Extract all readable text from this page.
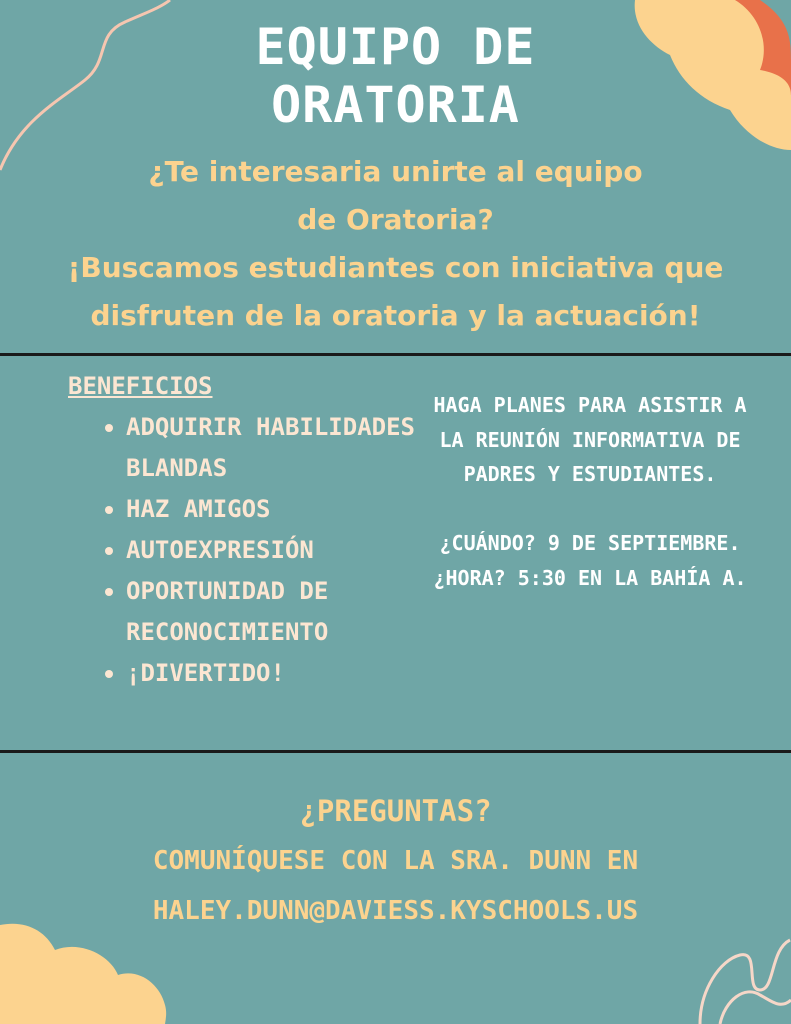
EQUIPO DE
ORATORIA
¿Te interesaria unirte al equipo
de Oratoria?
¡Buscamos estudiantes con iniciativa que
disfruten de la oratoria y la actuación!
BENEFICIOS
ADQUIRIR HABILIDADES BLANDAS
HAZ AMIGOS
AUTOEXPRESIÓN
OPORTUNIDAD DE RECONOCIMIENTO
¡DIVERTIDO!
HAGA PLANES PARA ASISTIR A LA REUNIÓN INFORMATIVA DE PADRES Y ESTUDIANTES.
¿CUÁNDO? 9 DE SEPTIEMBRE. ¿HORA? 5:30 EN LA BAHÍA A.
¿PREGUNTAS?
COMUNÍQUESE CON LA SRA. DUNN EN
HALEY.DUNN@DAVIESS.KYSCHOOLS.US
